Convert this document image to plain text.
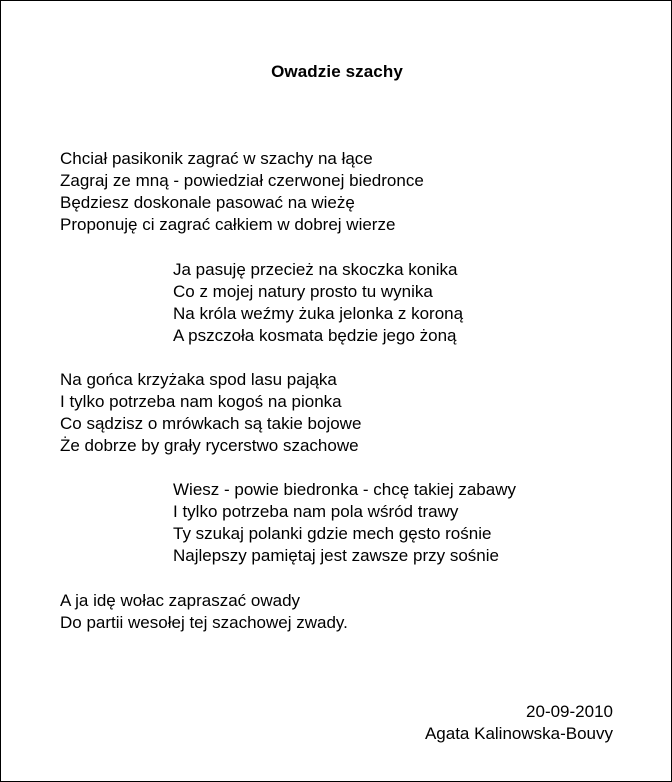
Owadzie szachy
Chciał pasikonik zagrać w szachy na łące
Zagraj ze mną - powiedział czerwonej biedronce
Będziesz doskonale pasować na wieżę
Proponuję ci zagrać całkiem w dobrej wierze
Ja pasuję przecież na skoczka konika
Co z mojej natury prosto tu wynika
Na króla weźmy żuka jelonka z koroną
A pszczoła kosmata będzie jego żoną
Na gońca krzyżaka spod lasu pająka
I tylko potrzeba nam kogoś na pionka
Co sądzisz o mrówkach są takie bojowe
Że dobrze by grały rycerstwo szachowe
Wiesz - powie biedronka - chcę takiej zabawy
I tylko potrzeba nam pola wśród trawy
Ty szukaj polanki gdzie mech gęsto rośnie
Najlepszy pamiętaj jest zawsze przy sośnie
A ja idę wołac zapraszać owady
Do partii wesołej tej szachowej zwady.
20-09-2010
Agata Kalinowska-Bouvy
